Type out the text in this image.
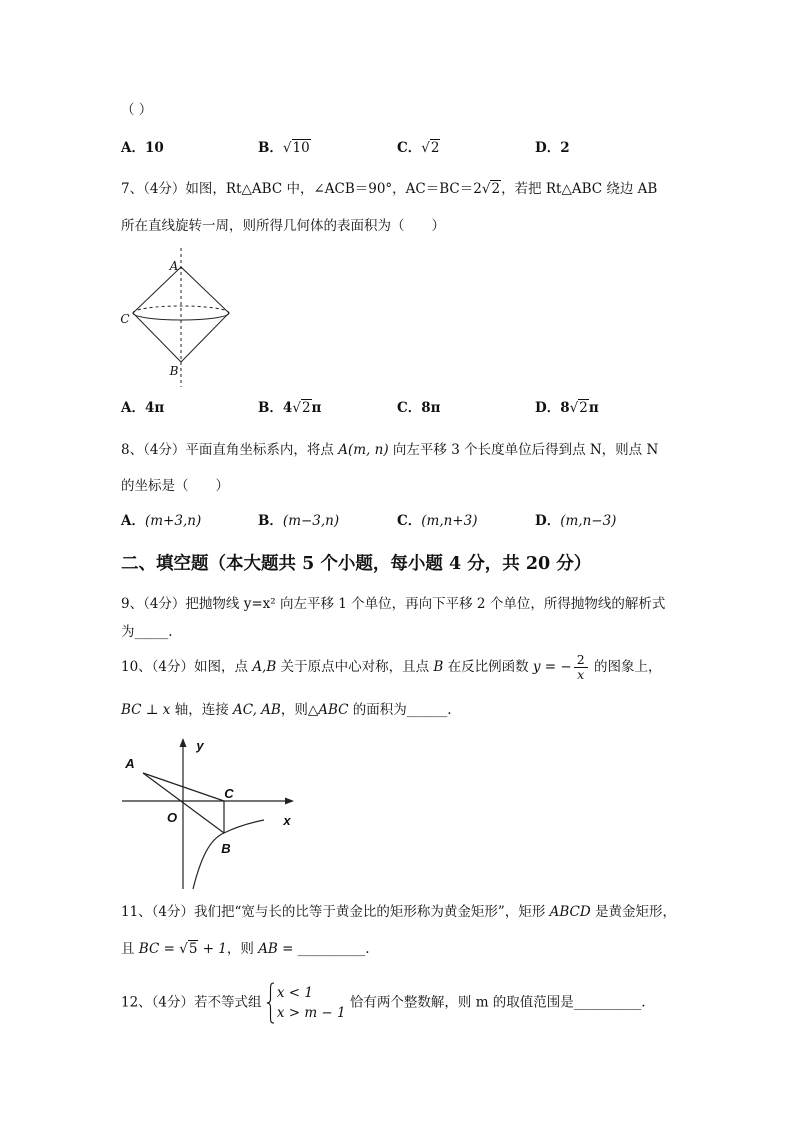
（ ）
A．10	B．√10	C．√2	D．2
7、（4分）如图，Rt△ABC 中，∠ACB＝90°，AC＝BC＝2√2，若把 Rt△ABC 绕边 AB
所在直线旋转一周，则所得几何体的表面积为（　　）
A
C
B
A．4π	B．4√2π	C．8π	D．8√2π
8、（4分）平面直角坐标系内，将点 A(m, n) 向左平移 3 个长度单位后得到点 N，则点 N
的坐标是（　　）
A．(m+3,n)	B．(m−3,n)	C．(m,n+3)	D．(m,n−3)
二、填空题（本大题共 5 个小题，每小题 4 分，共 20 分）
9、（4分）把抛物线 y=x² 向左平移 1 个单位，再向下平移 2 个单位，所得抛物线的解析式
为_____.
10、（4分）如图，点 A,B 关于原点中心对称，且点 B 在反比例函数 y = − $\frac{2}{x}$ 的图象上，
BC ⊥ x 轴，连接 AC, AB，则△ABC 的面积为______.
A
C
O
B
x
y
11、（4分）我们把“宽与长的比等于黄金比的矩形称为黄金矩形”，矩形 ABCD 是黄金矩形，
且 BC = √5 + 1，则 AB = __________.
12、（4分）若不等式组
x < 1
x > m − 1
恰有两个整数解，则 m 的取值范围是__________.
